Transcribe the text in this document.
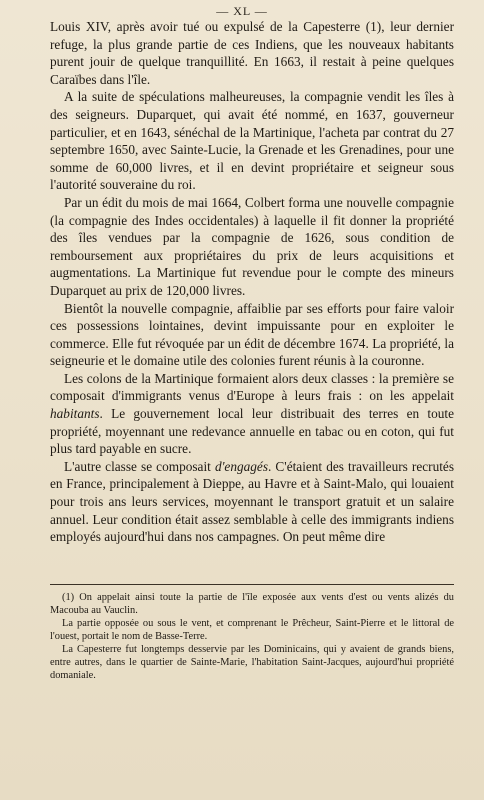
— XL —

Louis XIV, après avoir tué ou expulsé de la Capesterre (1), leur dernier refuge, la plus grande partie de ces Indiens, que les nouveaux habitants purent jouir de quelque tranquillité. En 1663, il restait à peine quelques Caraïbes dans l'île.

A la suite de spéculations malheureuses, la compagnie vendit les îles à des seigneurs. Duparquet, qui avait été nommé, en 1637, gouverneur particulier, et en 1643, sénéchal de la Martinique, l'acheta par contrat du 27 septembre 1650, avec Sainte-Lucie, la Grenade et les Grenadines, pour une somme de 60,000 livres, et il en devint propriétaire et seigneur sous l'autorité souveraine du roi.

Par un édit du mois de mai 1664, Colbert forma une nouvelle compagnie (la compagnie des Indes occidentales) à laquelle il fit donner la propriété des îles vendues par la compagnie de 1626, sous condition de remboursement aux propriétaires du prix de leurs acquisitions et augmentations. La Martinique fut revendue pour le compte des mineurs Duparquet au prix de 120,000 livres.

Bientôt la nouvelle compagnie, affaiblie par ses efforts pour faire valoir ces possessions lointaines, devint impuissante pour en exploiter le commerce. Elle fut révoquée par un édit de décembre 1674. La propriété, la seigneurie et le domaine utile des colonies furent réunis à la couronne.

Les colons de la Martinique formaient alors deux classes : la première se composait d'immigrants venus d'Europe à leurs frais : on les appelait habitants. Le gouvernement local leur distribuait des terres en toute propriété, moyennant une redevance annuelle en tabac ou en coton, qui fut plus tard payable en sucre.

L'autre classe se composait d'engagés. C'étaient des travailleurs recrutés en France, principalement à Dieppe, au Havre et à Saint-Malo, qui louaient pour trois ans leurs services, moyennant le transport gratuit et un salaire annuel. Leur condition était assez semblable à celle des immigrants indiens employés aujourd'hui dans nos campagnes. On peut même dire

(1) On appelait ainsi toute la partie de l'île exposée aux vents d'est ou vents alizés du Macouba au Vauclin.

La partie opposée ou sous le vent, et comprenant le Prêcheur, Saint-Pierre et le littoral de l'ouest, portait le nom de Basse-Terre.

La Capesterre fut longtemps desservie par les Dominicains, qui y avaient de grands biens, entre autres, dans le quartier de Sainte-Marie, l'habitation Saint-Jacques, aujourd'hui propriété domaniale.
